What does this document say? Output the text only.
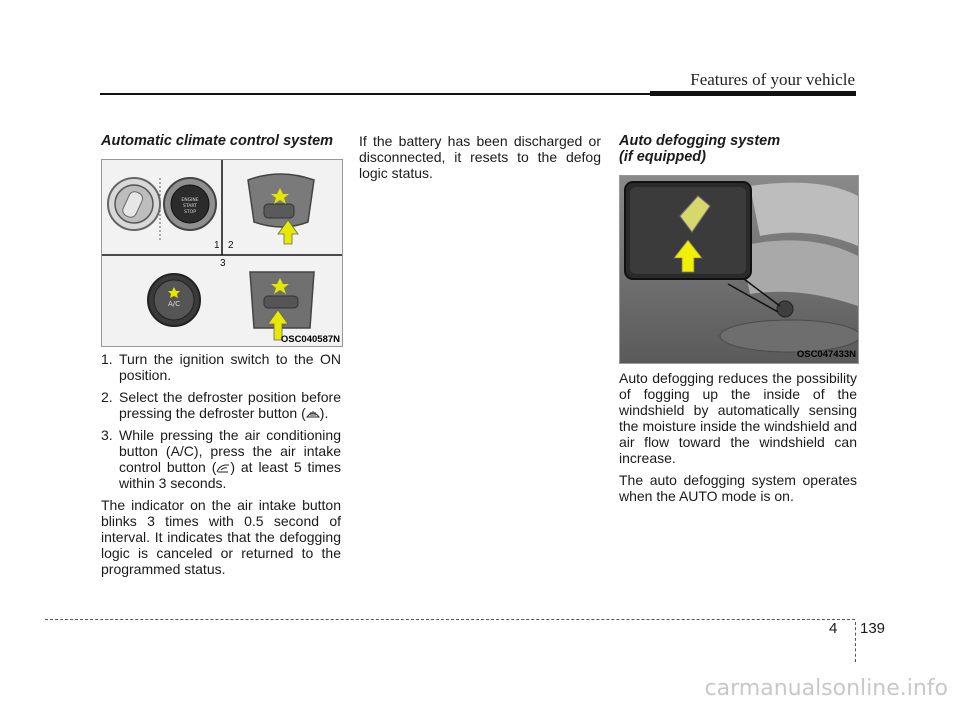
Features of your vehicle
Automatic climate control system
ENGINE
START
STOP
1 2
3
A/C
OSC040587N
1. Turn the ignition switch to the ON position.
2. Select the defroster position before pressing the defroster button ( ).
3. While pressing the air conditioning button (A/C), press the air intake control button ( ) at least 5 times within 3 seconds.

The indicator on the air intake button blinks 3 times with 0.5 second of interval. It indicates that the defogging logic is canceled or returned to the programmed status.

If the battery has been discharged or disconnected, it resets to the defog logic status.

Auto defogging system
(if equipped)
OSC047433N

Auto defogging reduces the possibility of fogging up the inside of the windshield by automatically sensing the moisture inside the windshield and air flow toward the windshield can increase.

The auto defogging system operates when the AUTO mode is on.

4 139
carmanualsonline.info
